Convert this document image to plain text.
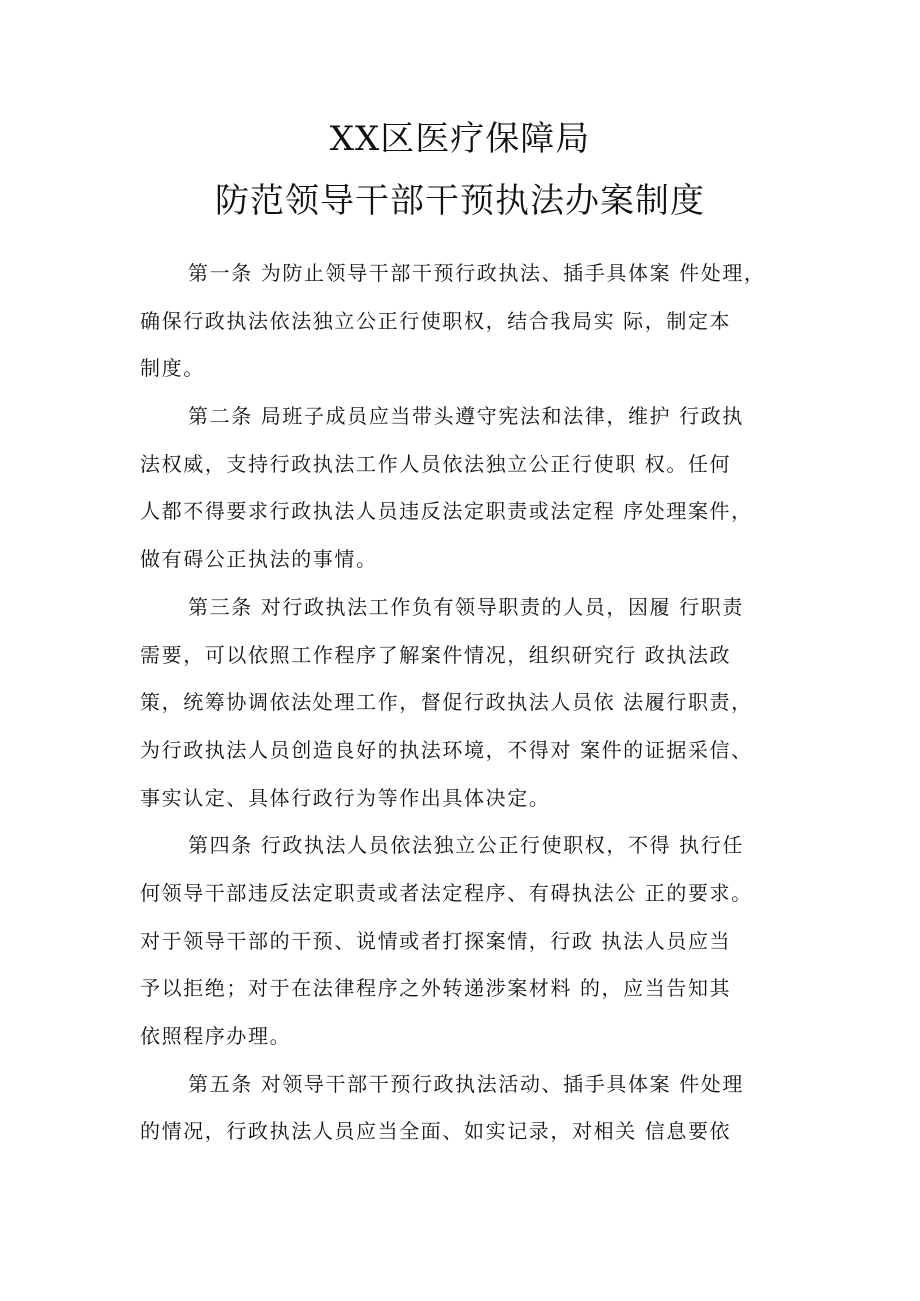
XX区医疗保障局
防范领导干部干预执法办案制度
第一条 为防止领导干部干预行政执法、插手具体案 件处理，
确保行政执法依法独立公正行使职权，结合我局实 际，制定本
制度。
第二条 局班子成员应当带头遵守宪法和法律，维护 行政执
法权威，支持行政执法工作人员依法独立公正行使职 权。任何
人都不得要求行政执法人员违反法定职责或法定程 序处理案件，
做有碍公正执法的事情。
第三条 对行政执法工作负有领导职责的人员，因履 行职责
需要，可以依照工作程序了解案件情况，组织研究行 政执法政
策，统筹协调依法处理工作，督促行政执法人员依 法履行职责，
为行政执法人员创造良好的执法环境，不得对 案件的证据采信、
事实认定、具体行政行为等作出具体决定。
第四条 行政执法人员依法独立公正行使职权，不得 执行任
何领导干部违反法定职责或者法定程序、有碍执法公 正的要求。
对于领导干部的干预、说情或者打探案情，行政 执法人员应当
予以拒绝；对于在法律程序之外转递涉案材料 的，应当告知其
依照程序办理。
第五条 对领导干部干预行政执法活动、插手具体案 件处理
的情况，行政执法人员应当全面、如实记录，对相关 信息要依
